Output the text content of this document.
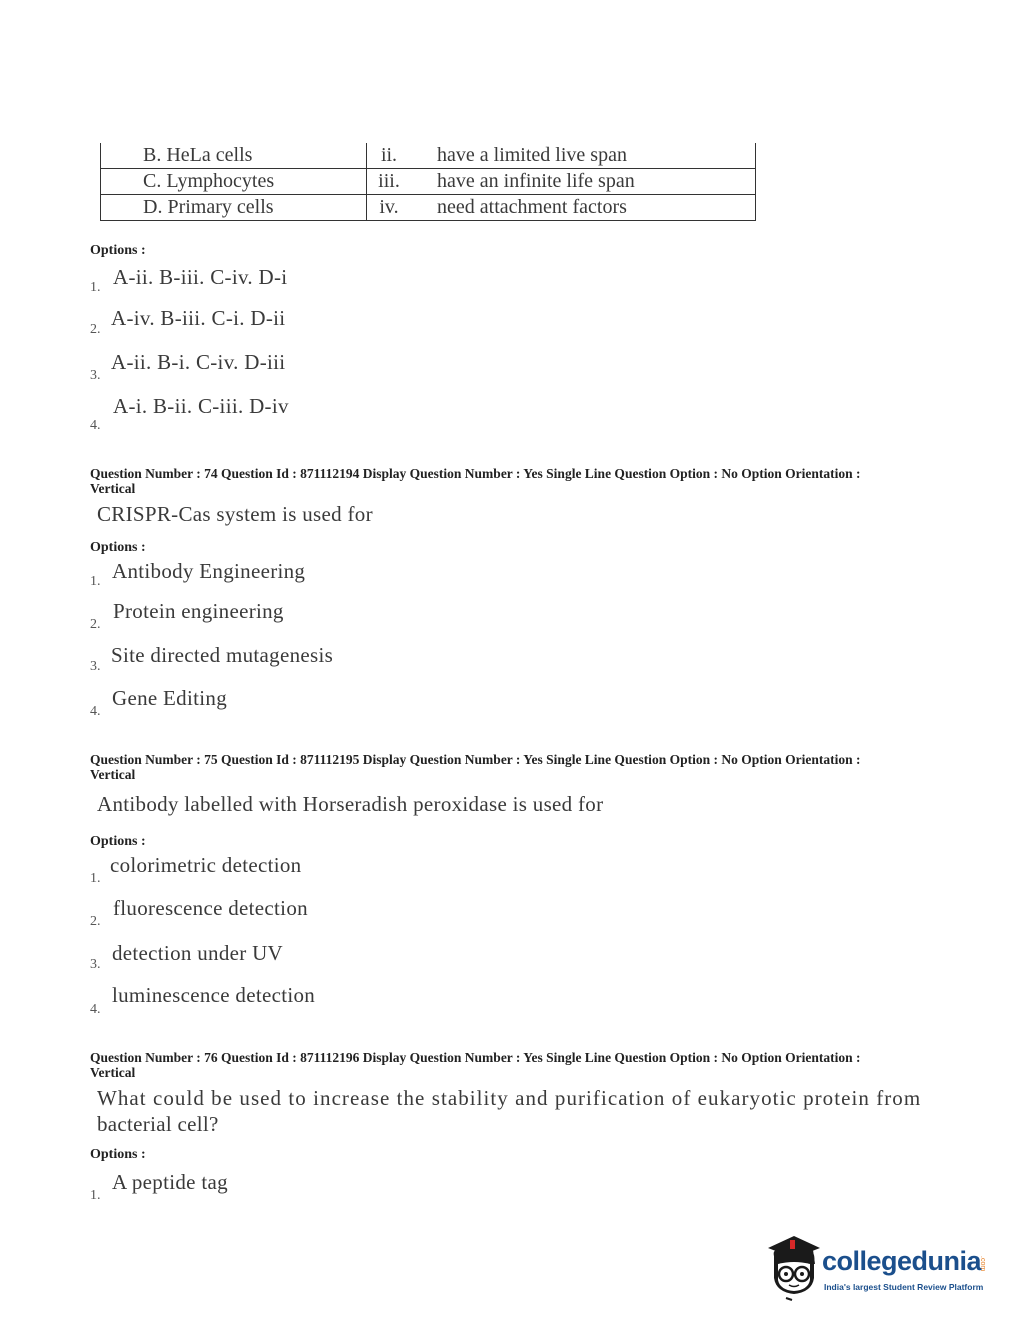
B. HeLa cells	ii.	have a limited live span
C. Lymphocytes	iii.	have an infinite life span
D. Primary cells	iv.	need attachment factors
Options :
1. A-ii. B-iii. C-iv. D-i
2. A-iv. B-iii. C-i. D-ii
3.
A-ii. B-i. C-iv. D-iii
4.
A-i. B-ii. C-iii. D-iv
Question Number : 74 Question Id : 871112194 Display Question Number : Yes Single Line Question Option : No Option Orientation : Vertical
CRISPR-Cas system is used for
Options :
1. Antibody Engineering
2.
Protein engineering
3. Site directed mutagenesis
4.
Gene Editing
Question Number : 75 Question Id : 871112195 Display Question Number : Yes Single Line Question Option : No Option Orientation : Vertical
Antibody labelled with Horseradish peroxidase is used for
Options :
1.
colorimetric detection
2.
fluorescence detection
3. detection under UV
4.
luminescence detection
Question Number : 76 Question Id : 871112196 Display Question Number : Yes Single Line Question Option : No Option Orientation : Vertical
What could be used to increase the stability and purification of eukaryotic protein from
bacterial cell?
Options :
1.
A peptide tag
collegedunia
.com
India's largest Student Review Platform
